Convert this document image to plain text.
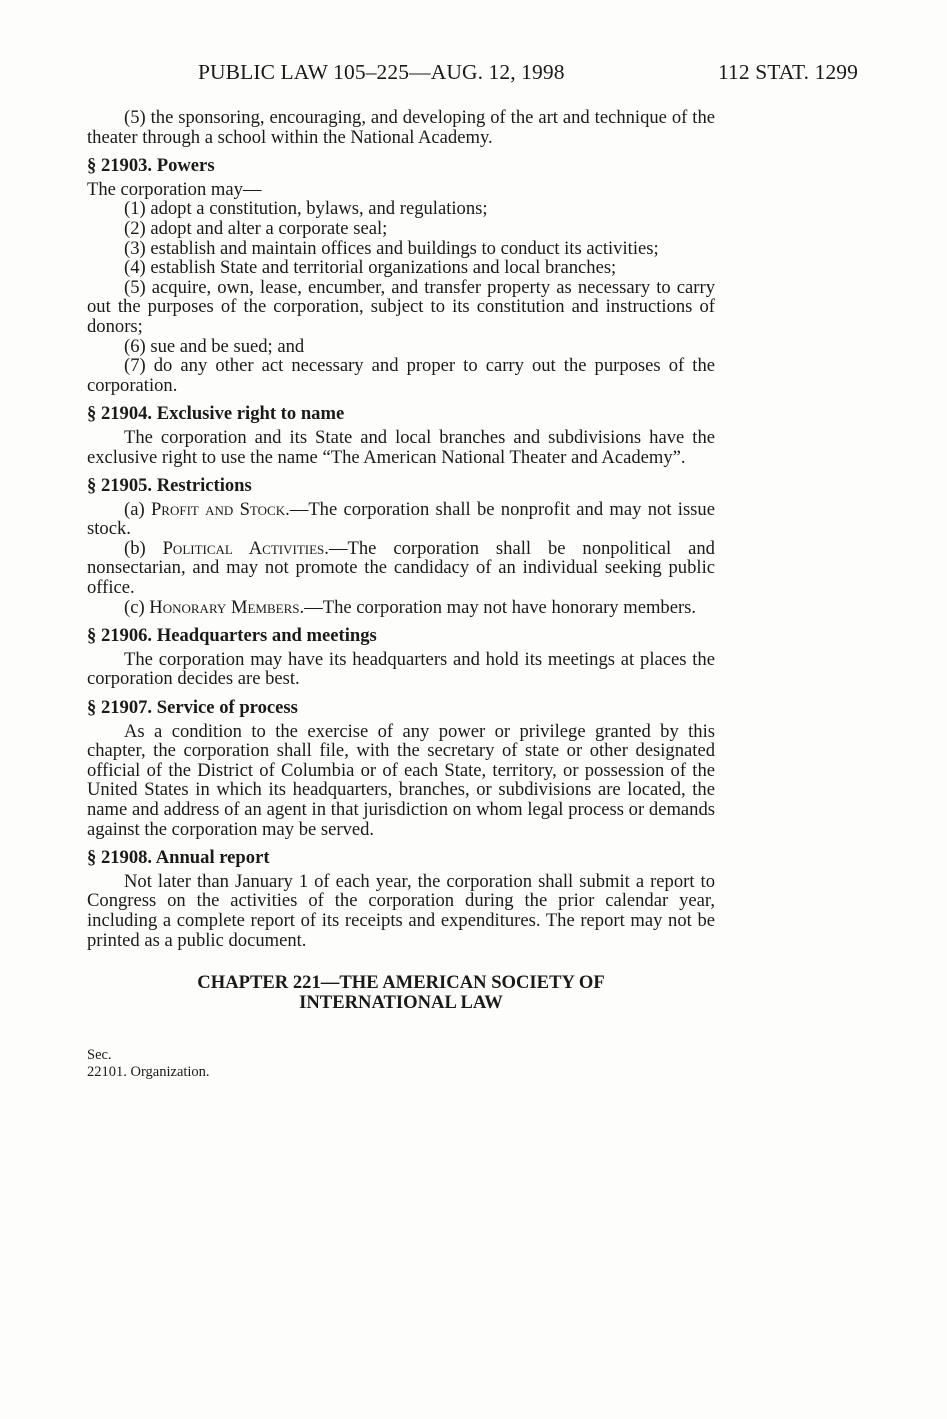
PUBLIC LAW 105–225—AUG. 12, 1998	112 STAT. 1299

(5) the sponsoring, encouraging, and developing of the art and technique of the theater through a school within the National Academy.

§ 21903. Powers

The corporation may—

(1) adopt a constitution, bylaws, and regulations;

(2) adopt and alter a corporate seal;

(3) establish and maintain offices and buildings to conduct its activities;

(4) establish State and territorial organizations and local branches;

(5) acquire, own, lease, encumber, and transfer property as necessary to carry out the purposes of the corporation, subject to its constitution and instructions of donors;

(6) sue and be sued; and

(7) do any other act necessary and proper to carry out the purposes of the corporation.

§ 21904. Exclusive right to name

The corporation and its State and local branches and subdivisions have the exclusive right to use the name “The American National Theater and Academy”.

§ 21905. Restrictions

(a) Profit and Stock.—The corporation shall be nonprofit and may not issue stock.

(b) Political Activities.—The corporation shall be nonpolitical and nonsectarian, and may not promote the candidacy of an individual seeking public office.

(c) Honorary Members.—The corporation may not have honorary members.

§ 21906. Headquarters and meetings

The corporation may have its headquarters and hold its meetings at places the corporation decides are best.

§ 21907. Service of process

As a condition to the exercise of any power or privilege granted by this chapter, the corporation shall file, with the secretary of state or other designated official of the District of Columbia or of each State, territory, or possession of the United States in which its headquarters, branches, or subdivisions are located, the name and address of an agent in that jurisdiction on whom legal process or demands against the corporation may be served.

§ 21908. Annual report

Not later than January 1 of each year, the corporation shall submit a report to Congress on the activities of the corporation during the prior calendar year, including a complete report of its receipts and expenditures. The report may not be printed as a public document.

CHAPTER 221—THE AMERICAN SOCIETY OF
INTERNATIONAL LAW
Sec.
22101. Organization.
